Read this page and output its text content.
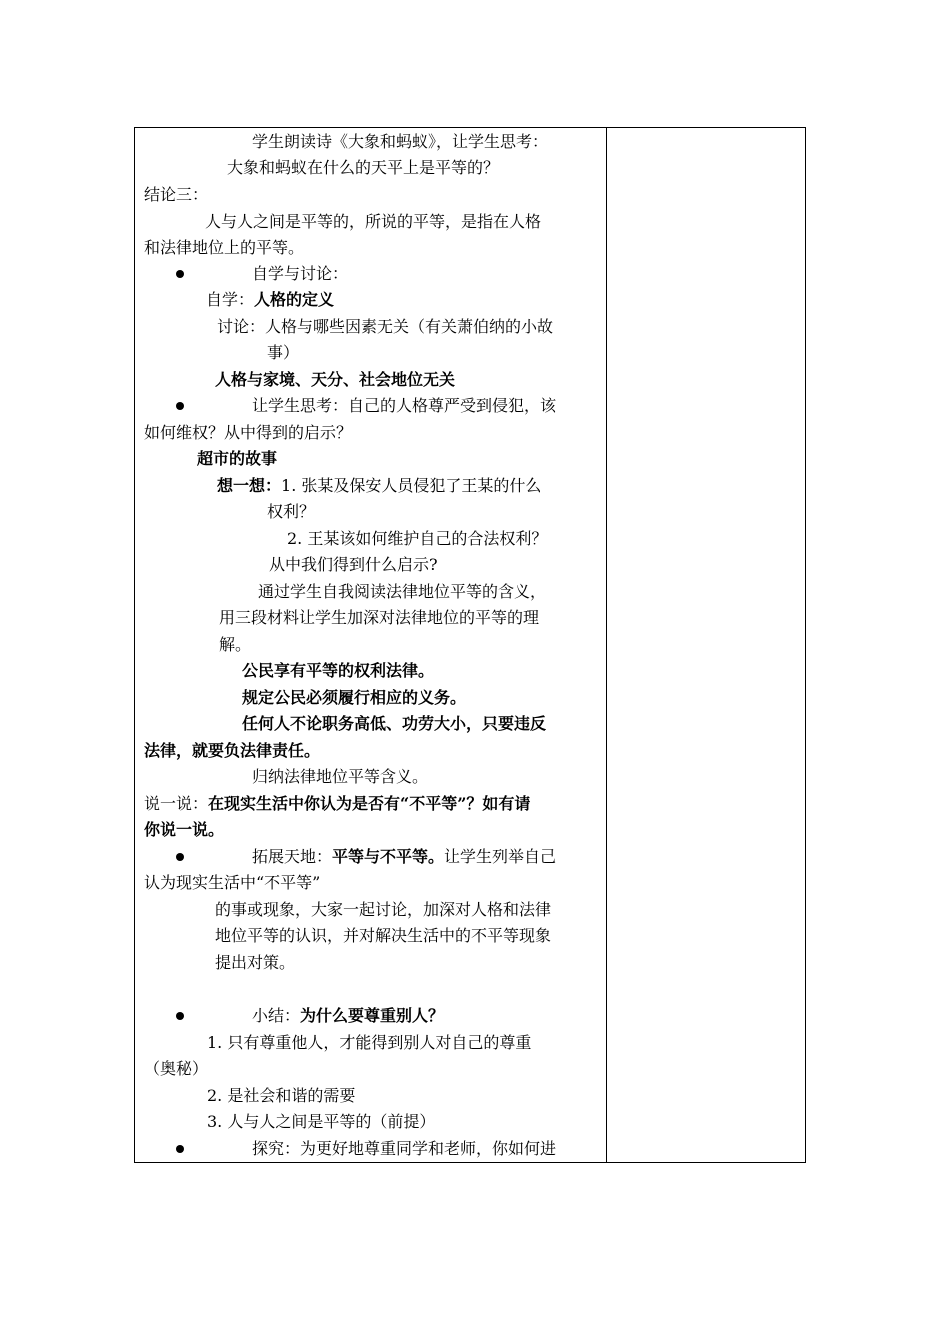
学生朗读诗《大象和蚂蚁》，让学生思考：
大象和蚂蚁在什么的天平上是平等的？
结论三：
人与人之间是平等的，所说的平等，是指在人格
和法律地位上的平等。
自学与讨论：
自学：人格的定义
讨论：人格与哪些因素无关（有关萧伯纳的小故
事）
人格与家境、天分、社会地位无关
让学生思考：自己的人格尊严受到侵犯，该
如何维权？从中得到的启示？
超市的故事
想一想：1. 张某及保安人员侵犯了王某的什么
权利？
2. 王某该如何维护自己的合法权利？
从中我们得到什么启示?
通过学生自我阅读法律地位平等的含义，
用三段材料让学生加深对法律地位的平等的理
解。
公民享有平等的权利法律。
规定公民必须履行相应的义务。
任何人不论职务高低、功劳大小，只要违反
法律，就要负法律责任。
归纳法律地位平等含义。
说一说：在现实生活中你认为是否有“不平等”？如有请
你说一说。
拓展天地：平等与不平等。让学生列举自己
认为现实生活中“不平等”
的事或现象，大家一起讨论，加深对人格和法律
地位平等的认识，并对解决生活中的不平等现象
提出对策。
小结：为什么要尊重别人？
1. 只有尊重他人，才能得到别人对自己的尊重
（奥秘）
2. 是社会和谐的需要
3. 人与人之间是平等的（前提）
探究：为更好地尊重同学和老师，你如何进
